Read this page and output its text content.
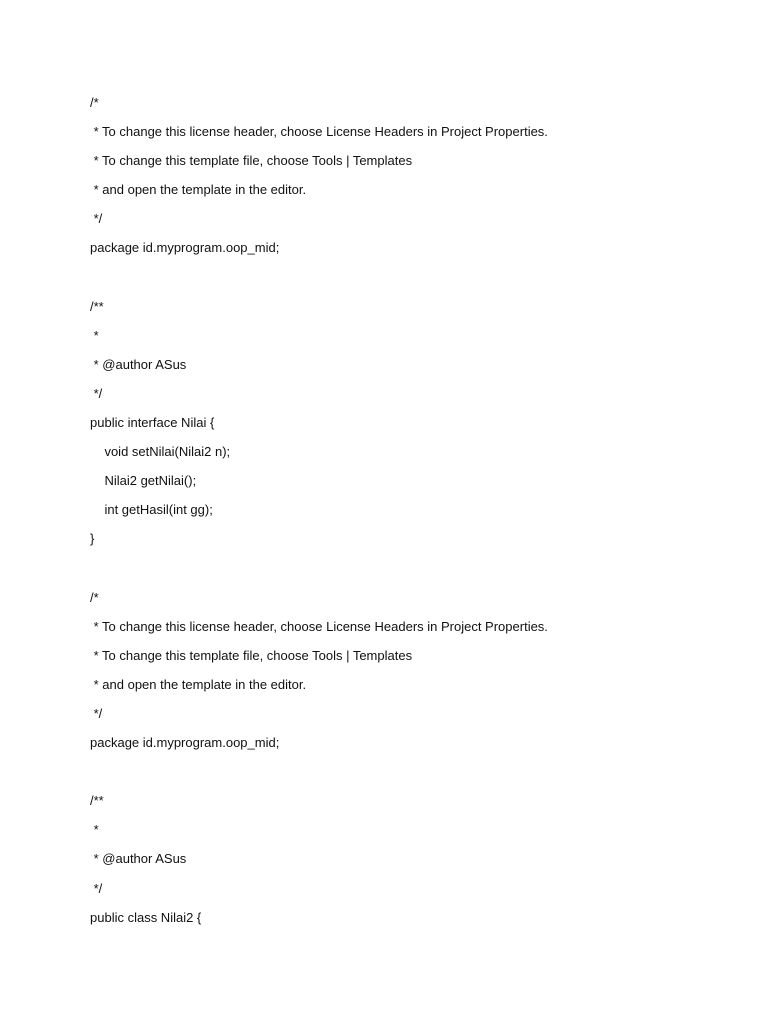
/*
* To change this license header, choose License Headers in Project Properties.
* To change this template file, choose Tools | Templates
* and open the template in the editor.
*/
package id.myprogram.oop_mid;
/**
*
* @author ASus
*/
public interface Nilai {
void setNilai(Nilai2 n);
Nilai2 getNilai();
int getHasil(int gg);
}
/*
* To change this license header, choose License Headers in Project Properties.
* To change this template file, choose Tools | Templates
* and open the template in the editor.
*/
package id.myprogram.oop_mid;
/**
*
* @author ASus
*/
public class Nilai2 {
